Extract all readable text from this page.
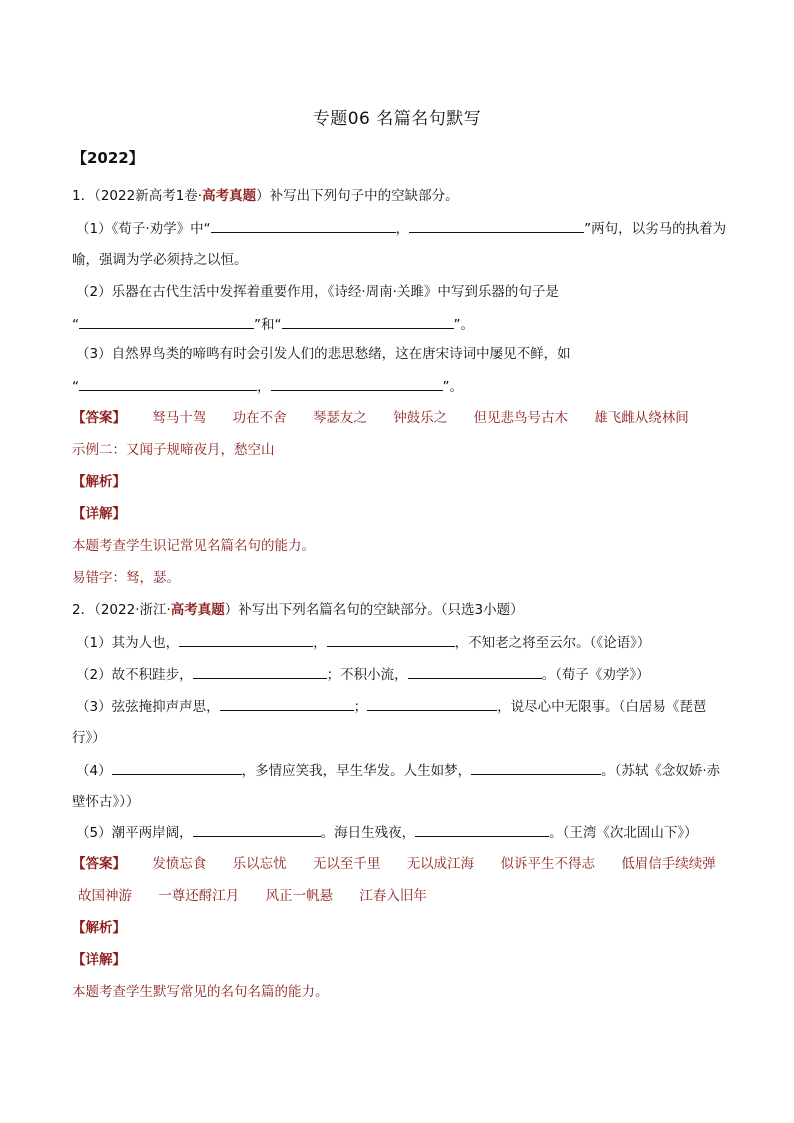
专题06 名篇名句默写
【2022】
1．（2022新高考1卷·高考真题）补写出下列句子中的空缺部分。
（1）《荀子·劝学》中“	，	”两句，以劣马的执着为
喻，强调为学必须持之以恒。
（2）乐器在古代生活中发挥着重要作用，《诗经·周南·关雎》中写到乐器的句子是
“	”和“	”。
（3）自然界鸟类的啼鸣有时会引发人们的悲思愁绪，这在唐宋诗词中屡见不鲜，如
“	，	”。
【答案】 驽马十驾 功在不舍 琴瑟友之 钟鼓乐之 但见悲鸟号古木 雄飞雌从绕林间
示例二：又闻子规啼夜月，愁空山
【解析】
【详解】
本题考查学生识记常见名篇名句的能力。
易错字：驽，瑟。
2．（2022·浙江·高考真题）补写出下列名篇名句的空缺部分。（只选3小题）
（1）其为人也，	，	，不知老之将至云尔。（《论语》）
（2）故不积跬步，	；不积小流，	。（荀子《劝学》）
（3）弦弦掩抑声声思，	；	，说尽心中无限事。（白居易《琵琶
行》）
（4）	，多情应笑我，早生华发。人生如梦，	。（苏轼《念奴娇·赤
壁怀古》））
（5）潮平两岸阔，	。海日生残夜，	。（王湾《次北固山下》）
【答案】 发愤忘食 乐以忘忧 无以至千里 无以成江海 似诉平生不得志 低眉信手续续弹
故国神游 一尊还酹江月 风正一帆悬 江春入旧年
【解析】
【详解】
本题考查学生默写常见的名句名篇的能力。
